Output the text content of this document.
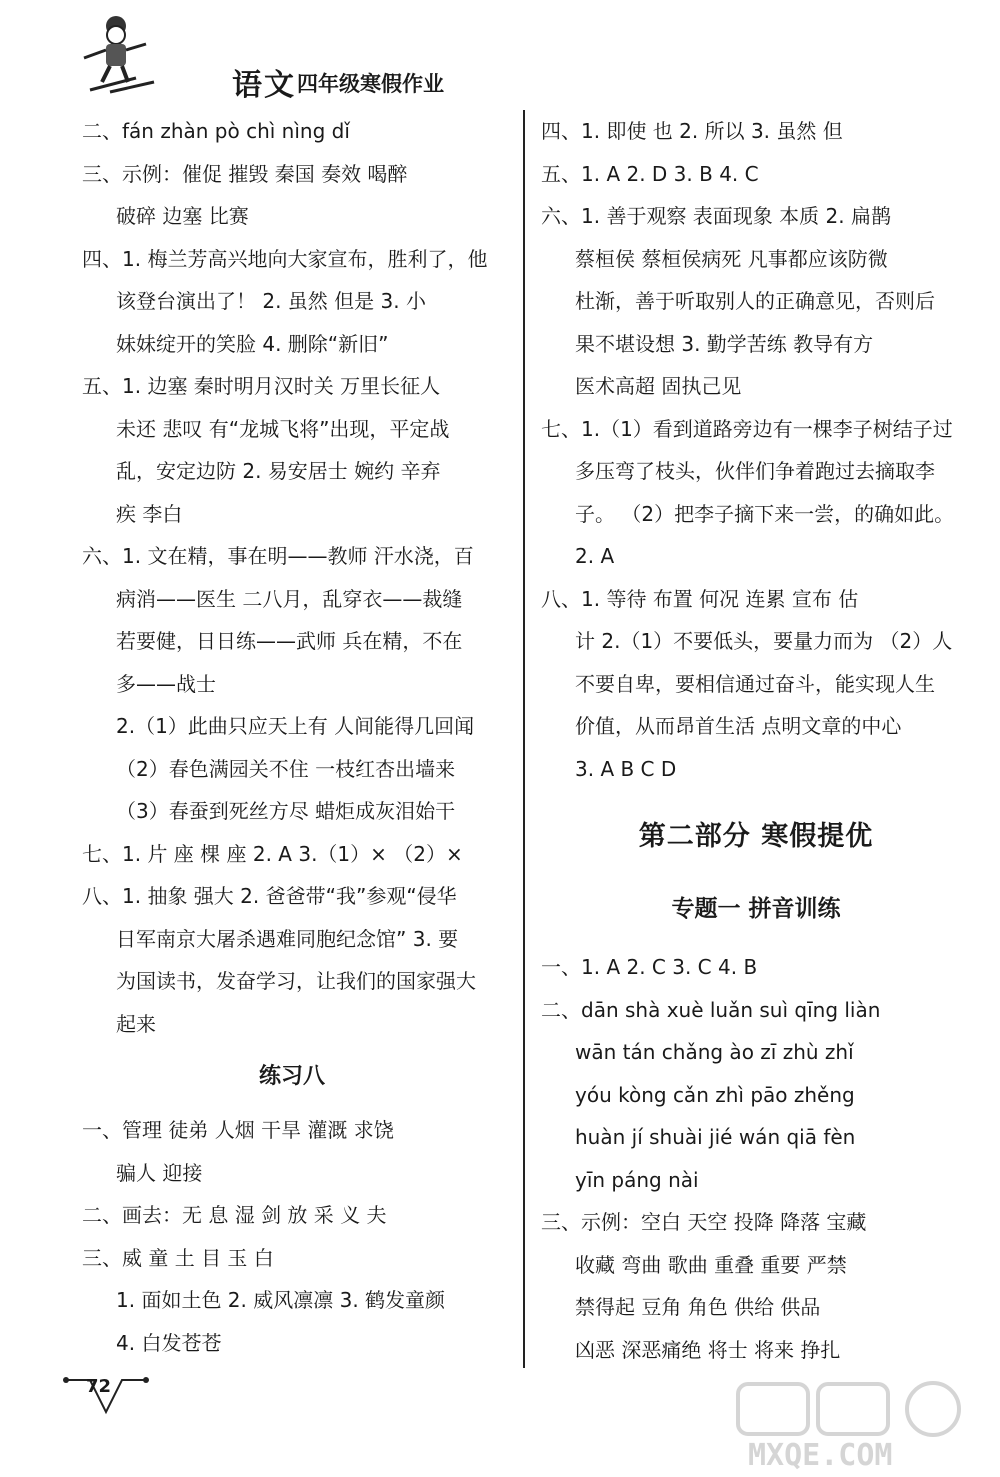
语文 四年级寒假作业
二、fán zhàn pò chì nìng dǐ
三、示例：催促 摧毁 秦国 奏效 喝醉
破碎 边塞 比赛
四、1. 梅兰芳高兴地向大家宣布，胜利了，他
该登台演出了！ 2. 虽然 但是 3. 小
妹妹绽开的笑脸 4. 删除“新旧”
五、1. 边塞 秦时明月汉时关 万里长征人
未还 悲叹 有“龙城飞将”出现，平定战
乱，安定边防 2. 易安居士 婉约 辛弃
疾 李白
六、1. 文在精，事在明——教师 汗水浇，百
病消——医生 二八月，乱穿衣——裁缝
若要健，日日练——武师 兵在精，不在
多——战士
2.（1）此曲只应天上有 人间能得几回闻
（2）春色满园关不住 一枝红杏出墙来
（3）春蚕到死丝方尽 蜡炬成灰泪始干
七、1. 片 座 棵 座 2. A 3.（1）× （2）×
八、1. 抽象 强大 2. 爸爸带“我”参观“侵华
日军南京大屠杀遇难同胞纪念馆” 3. 要
为国读书，发奋学习，让我们的国家强大
起来
练习八
一、管理 徒弟 人烟 干旱 灌溉 求饶
骗人 迎接
二、画去：无 息 湿 剑 放 采 义 夫
三、威 童 土 目 玉 白
1. 面如土色 2. 威风凛凛 3. 鹤发童颜
4. 白发苍苍
四、1. 即使 也 2. 所以 3. 虽然 但
五、1. A 2. D 3. B 4. C
六、1. 善于观察 表面现象 本质 2. 扁鹊
蔡桓侯 蔡桓侯病死 凡事都应该防微
杜渐，善于听取别人的正确意见，否则后
果不堪设想 3. 勤学苦练 教导有方
医术高超 固执己见
七、1.（1）看到道路旁边有一棵李子树结子过
多压弯了枝头，伙伴们争着跑过去摘取李
子。 （2）把李子摘下来一尝，的确如此。
2. A
八、1. 等待 布置 何况 连累 宣布 估
计 2.（1）不要低头，要量力而为 （2）人
不要自卑，要相信通过奋斗，能实现人生
价值，从而昂首生活 点明文章的中心
3. A B C D
第二部分 寒假提优
专题一 拼音训练
一、1. A 2. C 3. C 4. B
二、dān shà xuè luǎn suì qīng liàn
wān tán chǎng ào zī zhù zhǐ
yóu kòng cǎn zhì pāo zhěng
huàn jí shuài jié wán qiā fèn
yīn páng nài
三、示例：空白 天空 投降 降落 宝藏
收藏 弯曲 歌曲 重叠 重要 严禁
禁得起 豆角 角色 供给 供品
凶恶 深恶痛绝 将士 将来 挣扎
72
MXQE.COM
